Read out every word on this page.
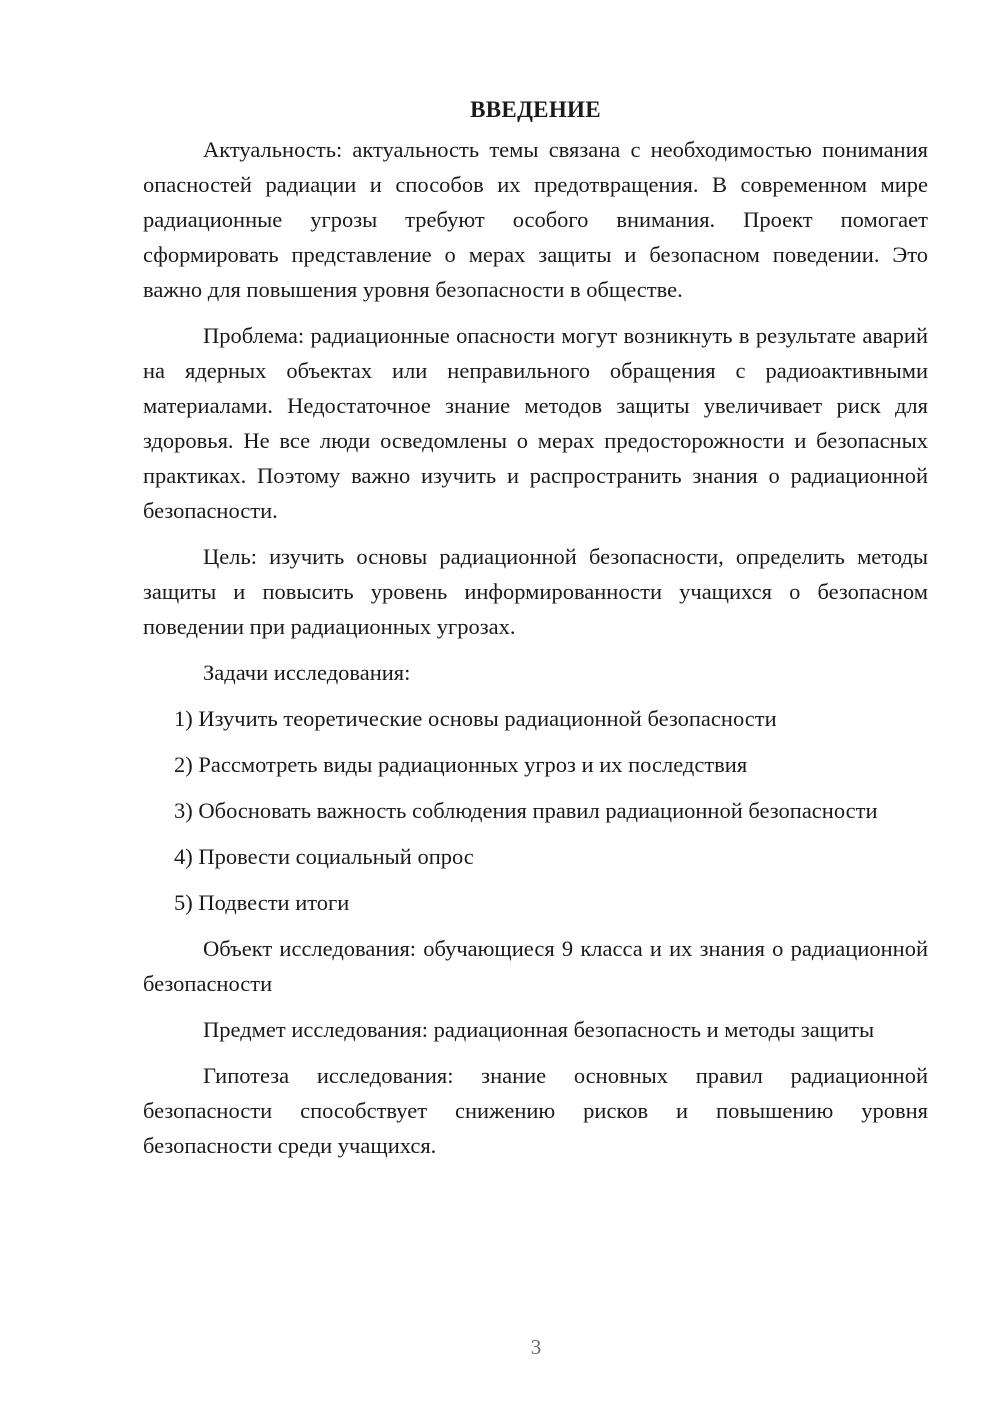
ВВЕДЕНИЕ

Актуальность: актуальность темы связана с необходимостью понимания опасностей радиации и способов их предотвращения. В современном мире радиационные угрозы требуют особого внимания. Проект помогает сформировать представление о мерах защиты и безопасном поведении. Это важно для повышения уровня безопасности в обществе.

Проблема: радиационные опасности могут возникнуть в результате аварий на ядерных объектах или неправильного обращения с радиоактивными материалами. Недостаточное знание методов защиты увеличивает риск для здоровья. Не все люди осведомлены о мерах предосторожности и безопасных практиках. Поэтому важно изучить и распространить знания о радиационной безопасности.

Цель: изучить основы радиационной безопасности, определить методы защиты и повысить уровень информированности учащихся о безопасном поведении при радиационных угрозах.

Задачи исследования:

1) Изучить теоретические основы радиационной безопасности

2) Рассмотреть виды радиационных угроз и их последствия

3) Обосновать важность соблюдения правил радиационной безопасности

4) Провести социальный опрос

5) Подвести итоги

Объект исследования: обучающиеся 9 класса и их знания о радиационной безопасности

Предмет исследования: радиационная безопасность и методы защиты

Гипотеза исследования: знание основных правил радиационной безопасности способствует снижению рисков и повышению уровня безопасности среди учащихся.

3
